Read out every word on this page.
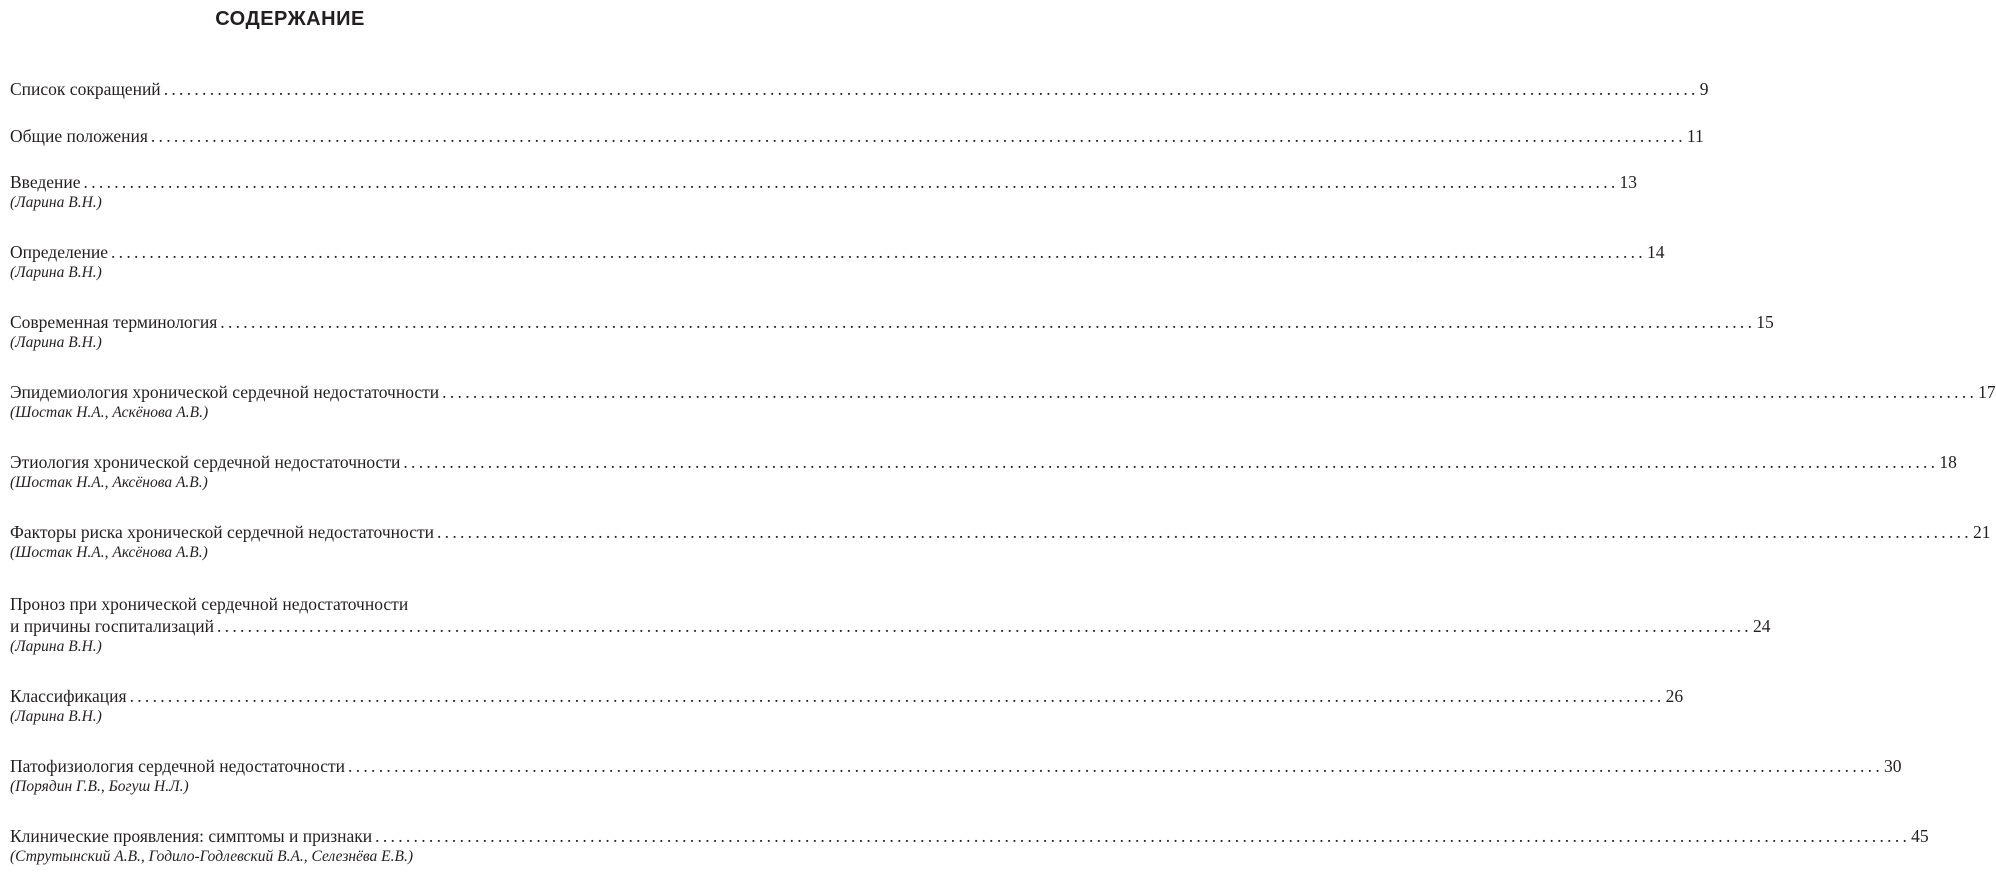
СОДЕРЖАНИЕ
Список сокращений ........................................................................................................................................................................................................ 9
Общие положения ........................................................................................................................................................................................................ 11
Введение ........................................................................................................................................................................................................ 13
(Ларина В.Н.)
Определение ........................................................................................................................................................................................................ 14
(Ларина В.Н.)
Современная терминология ........................................................................................................................................................................................................ 15
(Ларина В.Н.)
Эпидемиология хронической сердечной недостаточности ........................................................................................................................................................................................................ 17
(Шостак Н.А., Аскёнова А.В.)
Этиология хронической сердечной недостаточности ........................................................................................................................................................................................................ 18
(Шостак Н.А., Аксёнова А.В.)
Факторы риска хронической сердечной недостаточности ........................................................................................................................................................................................................ 21
(Шостак Н.А., Аксёнова А.В.)
Проноз при хронической сердечной недостаточности
и причины госпитализаций ........................................................................................................................................................................................................ 24
(Ларина В.Н.)
Классификация ........................................................................................................................................................................................................ 26
(Ларина В.Н.)
Патофизиология сердечной недостаточности ........................................................................................................................................................................................................ 30
(Порядин Г.В., Богуш Н.Л.)
Клинические проявления: симптомы и признаки ........................................................................................................................................................................................................ 45
(Струтынский А.В., Годило-Годлевский В.А., Селезнёва Е.В.)
